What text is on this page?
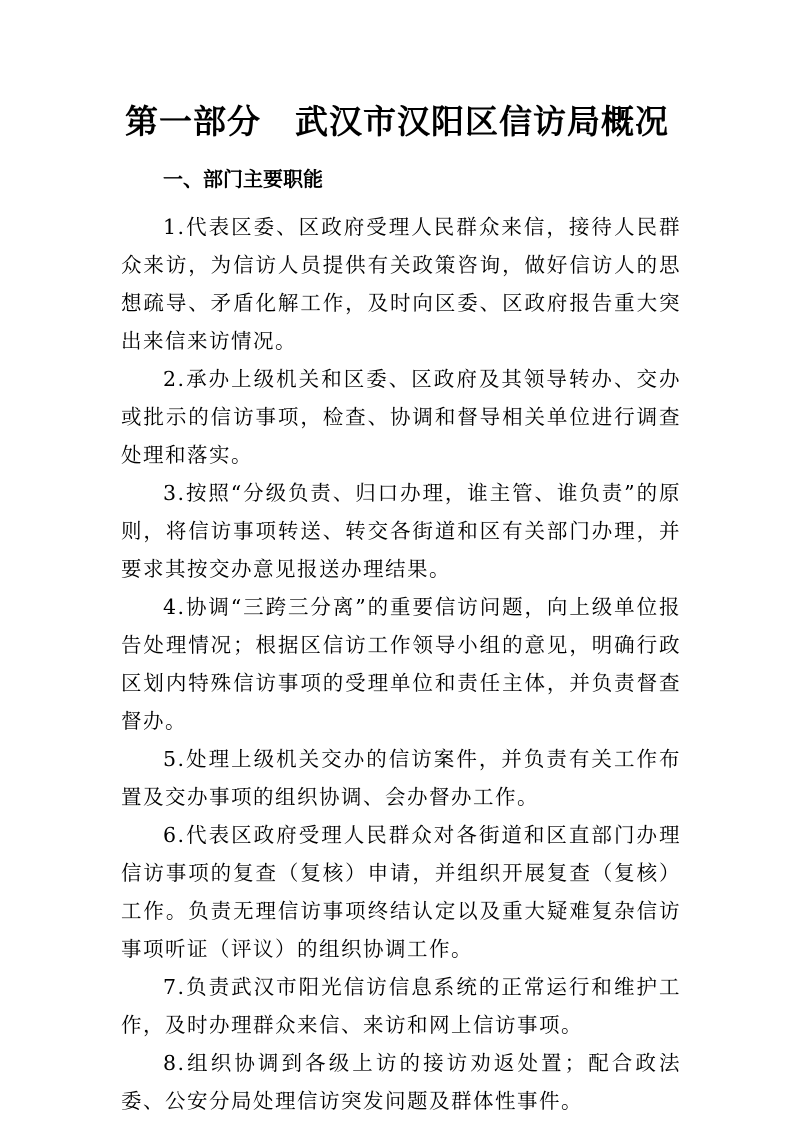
第一部分　武汉市汉阳区信访局概况
一、部门主要职能

1.代表区委、区政府受理人民群众来信，接待人民群众来访，为信访人员提供有关政策咨询，做好信访人的思想疏导、矛盾化解工作，及时向区委、区政府报告重大突出来信来访情况。

2.承办上级机关和区委、区政府及其领导转办、交办或批示的信访事项，检查、协调和督导相关单位进行调查处理和落实。

3.按照“分级负责、归口办理，谁主管、谁负责”的原则，将信访事项转送、转交各街道和区有关部门办理，并要求其按交办意见报送办理结果。

4.协调“三跨三分离”的重要信访问题，向上级单位报告处理情况；根据区信访工作领导小组的意见，明确行政区划内特殊信访事项的受理单位和责任主体，并负责督查督办。

5.处理上级机关交办的信访案件，并负责有关工作布置及交办事项的组织协调、会办督办工作。

6.代表区政府受理人民群众对各街道和区直部门办理信访事项的复查（复核）申请，并组织开展复查（复核）工作。负责无理信访事项终结认定以及重大疑难复杂信访事项听证（评议）的组织协调工作。

7.负责武汉市阳光信访信息系统的正常运行和维护工作，及时办理群众来信、来访和网上信访事项。

8.组织协调到各级上访的接访劝返处置；配合政法委、公安分局处理信访突发问题及群体性事件。
